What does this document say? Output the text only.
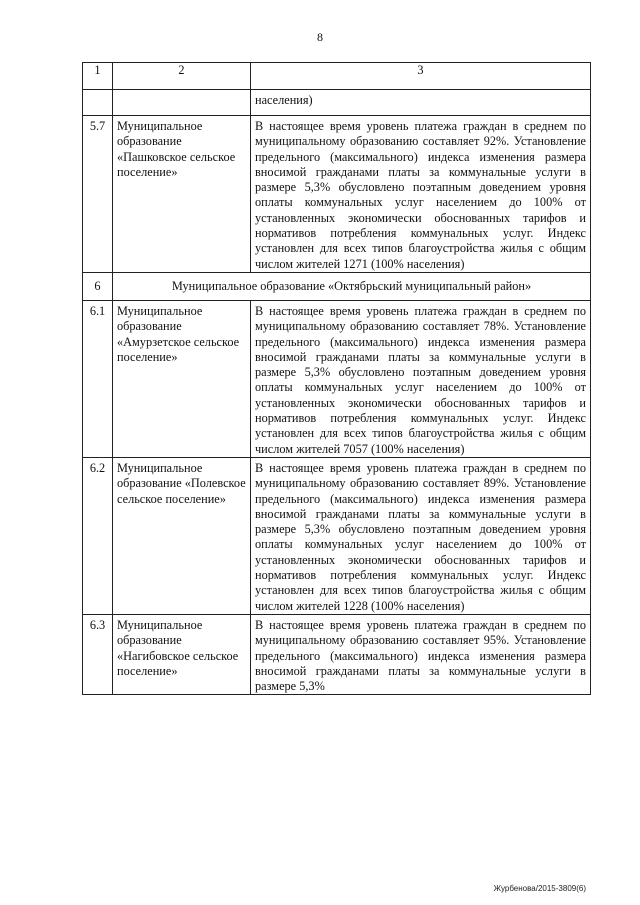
8
1	2	3
		населения)
5.7	Муниципальное образование «Пашковское сельское поселение»	В настоящее время уровень платежа граждан в среднем по муниципальному образованию составляет 92%. Установление предельного (максимального) индекса изменения размера вносимой гражданами платы за коммунальные услуги в размере 5,3% обусловлено поэтапным доведением уровня оплаты коммунальных услуг населением до 100% от установленных экономически обоснованных тарифов и нормативов потребления коммунальных услуг. Индекс установлен для всех типов благоустройства жилья с общим числом жителей 1271 (100% населения)
6	Муниципальное образование «Октябрьский муниципальный район»	
6.1	Муниципальное образование «Амурзетское сельское поселение»	В настоящее время уровень платежа граждан в среднем по муниципальному образованию составляет 78%. Установление предельного (максимального) индекса изменения размера вносимой гражданами платы за коммунальные услуги в размере 5,3% обусловлено поэтапным доведением уровня оплаты коммунальных услуг населением до 100% от установленных экономически обоснованных тарифов и нормативов потребления коммунальных услуг. Индекс установлен для всех типов благоустройства жилья с общим числом жителей 7057 (100% населения)
6.2	Муниципальное образование «Полевское сельское поселение»	В настоящее время уровень платежа граждан в среднем по муниципальному образованию составляет 89%. Установление предельного (максимального) индекса изменения размера вносимой гражданами платы за коммунальные услуги в размере 5,3% обусловлено поэтапным доведением уровня оплаты коммунальных услуг населением до 100% от установленных экономически обоснованных тарифов и нормативов потребления коммунальных услуг. Индекс установлен для всех типов благоустройства жилья с общим числом жителей 1228 (100% населения)
6.3	Муниципальное образование «Нагибовское сельское поселение»	В настоящее время уровень платежа граждан в среднем по муниципальному образованию составляет 95%. Установление предельного (максимального) индекса изменения размера вносимой гражданами платы за коммунальные услуги в размере 5,3%
Журбенова/2015-3809(6)
